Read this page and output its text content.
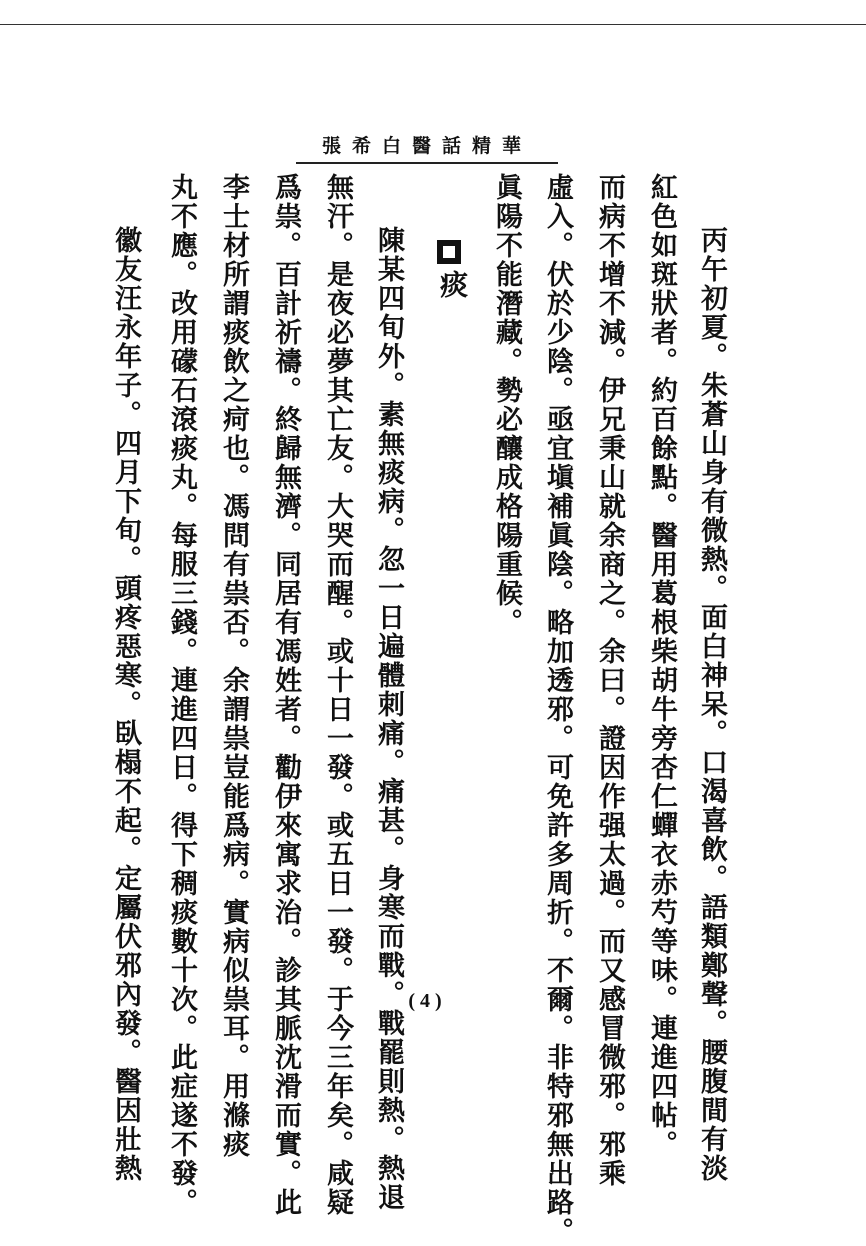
張希白醫話精華
丙午初夏。朱蒼山身有微熱。面白神呆。口渴喜飲。語類鄭聲。腰腹間有淡
紅色如斑狀者。約百餘點。醫用葛根柴胡牛旁杏仁蟬衣赤芍等味。連進四帖。
而病不增不減。伊兄秉山就余商之。余曰。證因作强太過。而又感冒微邪。邪乘
虛入。伏於少陰。亟宜塡補眞陰。略加透邪。可免許多周折。不爾。非特邪無出路。
眞陽不能潛藏。勢必釀成格陽重候。
痰
陳某四旬外。素無痰病。忽一日遍體刺痛。痛甚。身寒而戰。戰罷則熱。熱退
無汗。是夜必夢其亡友。大哭而醒。或十日一發。或五日一發。于今三年矣。咸疑
爲祟。百計祈禱。終歸無濟。同居有馮姓者。勸伊來寓求治。診其脈沈滑而實。此
李士材所謂痰飲之疴也。馮問有祟否。余謂祟豈能爲病。實病似祟耳。用滌痰
丸不應。改用礞石滾痰丸。每服三錢。連進四日。得下稠痰數十次。此症遂不發。
徽友汪永年子。四月下旬。頭疼惡寒。臥榻不起。定屬伏邪內發。醫因壯熱	( 4 )
